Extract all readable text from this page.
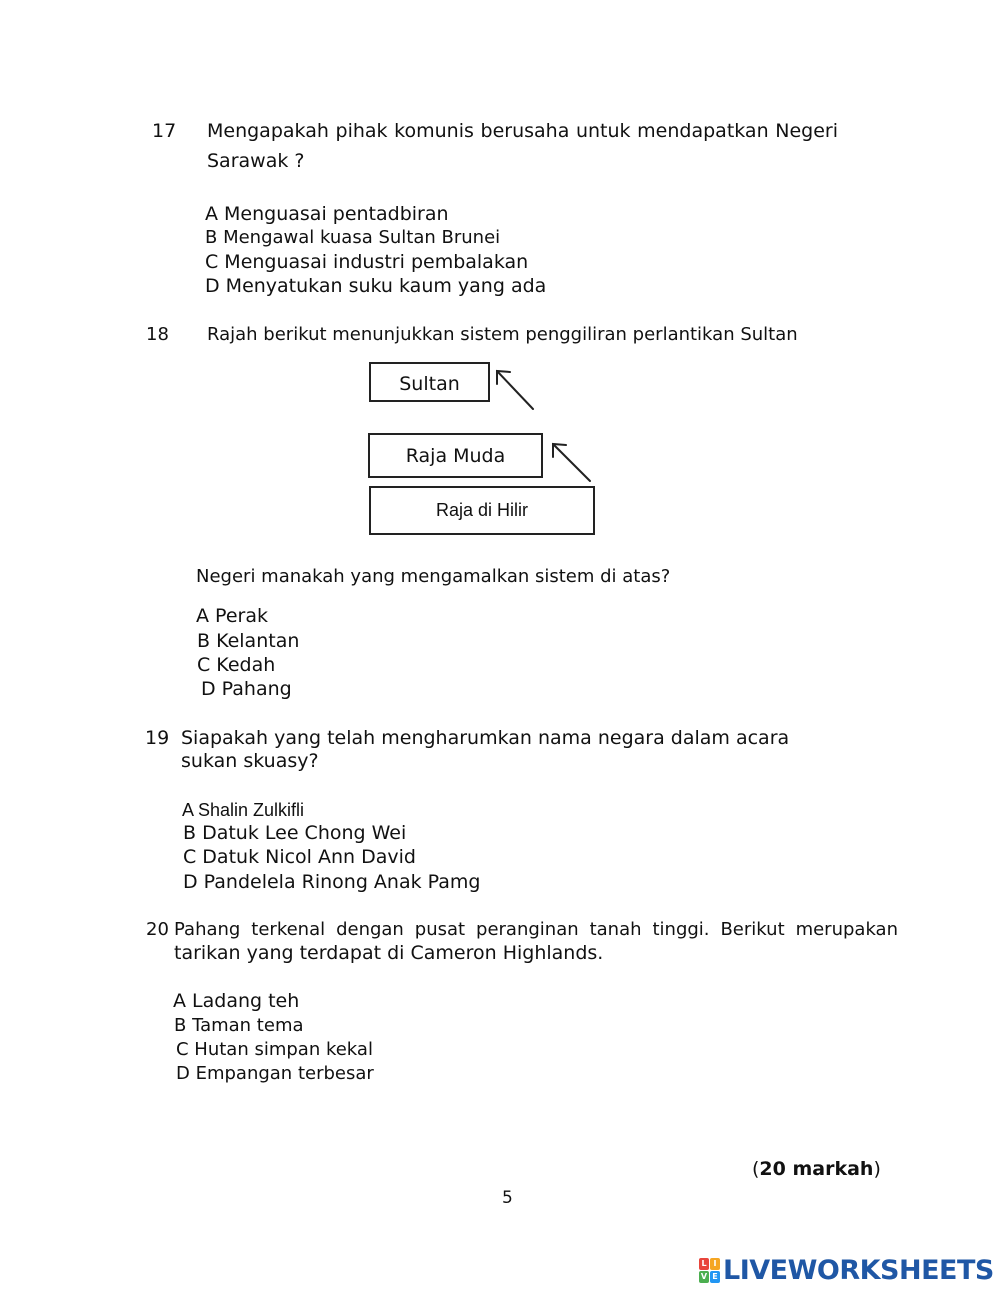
17 Mengapakah pihak komunis berusaha untuk mendapatkan Negeri
Sarawak ?
A Menguasai pentadbiran
B Mengawal kuasa Sultan Brunei
C Menguasai industri pembalakan
D Menyatukan suku kaum yang ada
18 Rajah berikut menunjukkan sistem penggiliran perlantikan Sultan
Sultan
Raja Muda
Raja di Hilir
Negeri manakah yang mengamalkan sistem di atas?
A Perak
B Kelantan
C Kedah
D Pahang
19 Siapakah yang telah mengharumkan nama negara dalam acara
sukan skuasy?
A Shalin Zulkifli
B Datuk Lee Chong Wei
C Datuk Nicol Ann David
D Pandelela Rinong Anak Pamg
20 Pahang terkenal dengan pusat peranginan tanah tinggi. Berikut merupakan
tarikan yang terdapat di Cameron Highlands.
A Ladang teh
B Taman tema
C Hutan simpan kekal
D Empangan terbesar
(20 markah)
5
L I
V E LIVEWORKSHEETS
